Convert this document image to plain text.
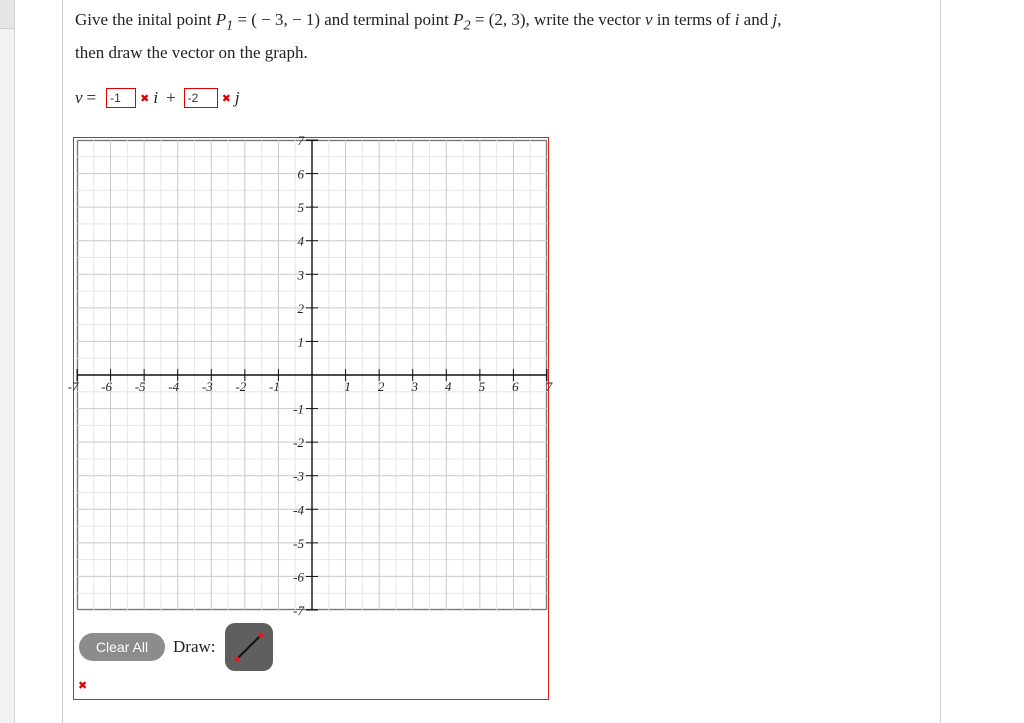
Give the inital point $P_1$ = ( − 3, − 1) and terminal point $P_2 = (2$, 3), write the vector v in terms of i and j,
then draw the vector on the graph.
v =	-1	✖ i +	-2	✖ j
-7 -6 -5 -4 -3 -2 -1	1 2 3 4 5 6 7
7
6
5
4
3
2
1
-1
-2
-3
-4
-5
-6
-7
Clear All	Draw:
✖
